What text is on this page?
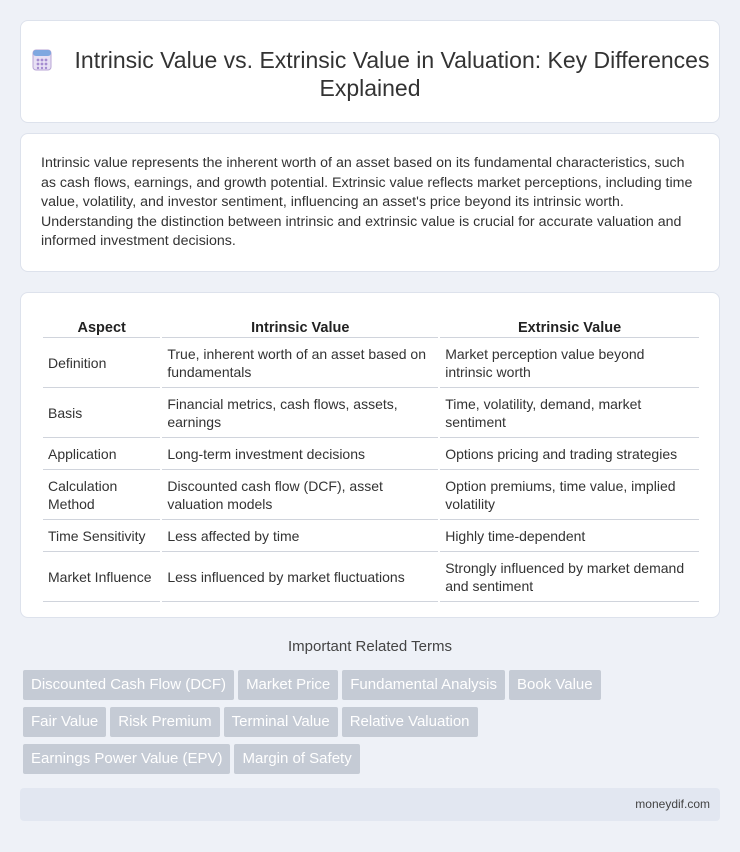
Intrinsic Value vs. Extrinsic Value in Valuation: Key Differences Explained

Intrinsic value represents the inherent worth of an asset based on its fundamental characteristics, such as cash flows, earnings, and growth potential. Extrinsic value reflects market perceptions, including time value, volatility, and investor sentiment, influencing an asset's price beyond its intrinsic worth. Understanding the distinction between intrinsic and extrinsic value is crucial for accurate valuation and informed investment decisions.

Aspect	Intrinsic Value	Extrinsic Value
Definition	True, inherent worth of an asset based on fundamentals	Market perception value beyond intrinsic worth
Basis	Financial metrics, cash flows, assets, earnings	Time, volatility, demand, market sentiment
Application	Long-term investment decisions	Options pricing and trading strategies
Calculation Method	Discounted cash flow (DCF), asset valuation models	Option premiums, time value, implied volatility
Time Sensitivity	Less affected by time	Highly time-dependent
Market Influence	Less influenced by market fluctuations	Strongly influenced by market demand and sentiment
Important Related Terms
Discounted Cash Flow (DCF) Market Price Fundamental Analysis Book Value
Fair Value Risk Premium Terminal Value Relative Valuation
Earnings Power Value (EPV) Margin of Safety
moneydif.com
